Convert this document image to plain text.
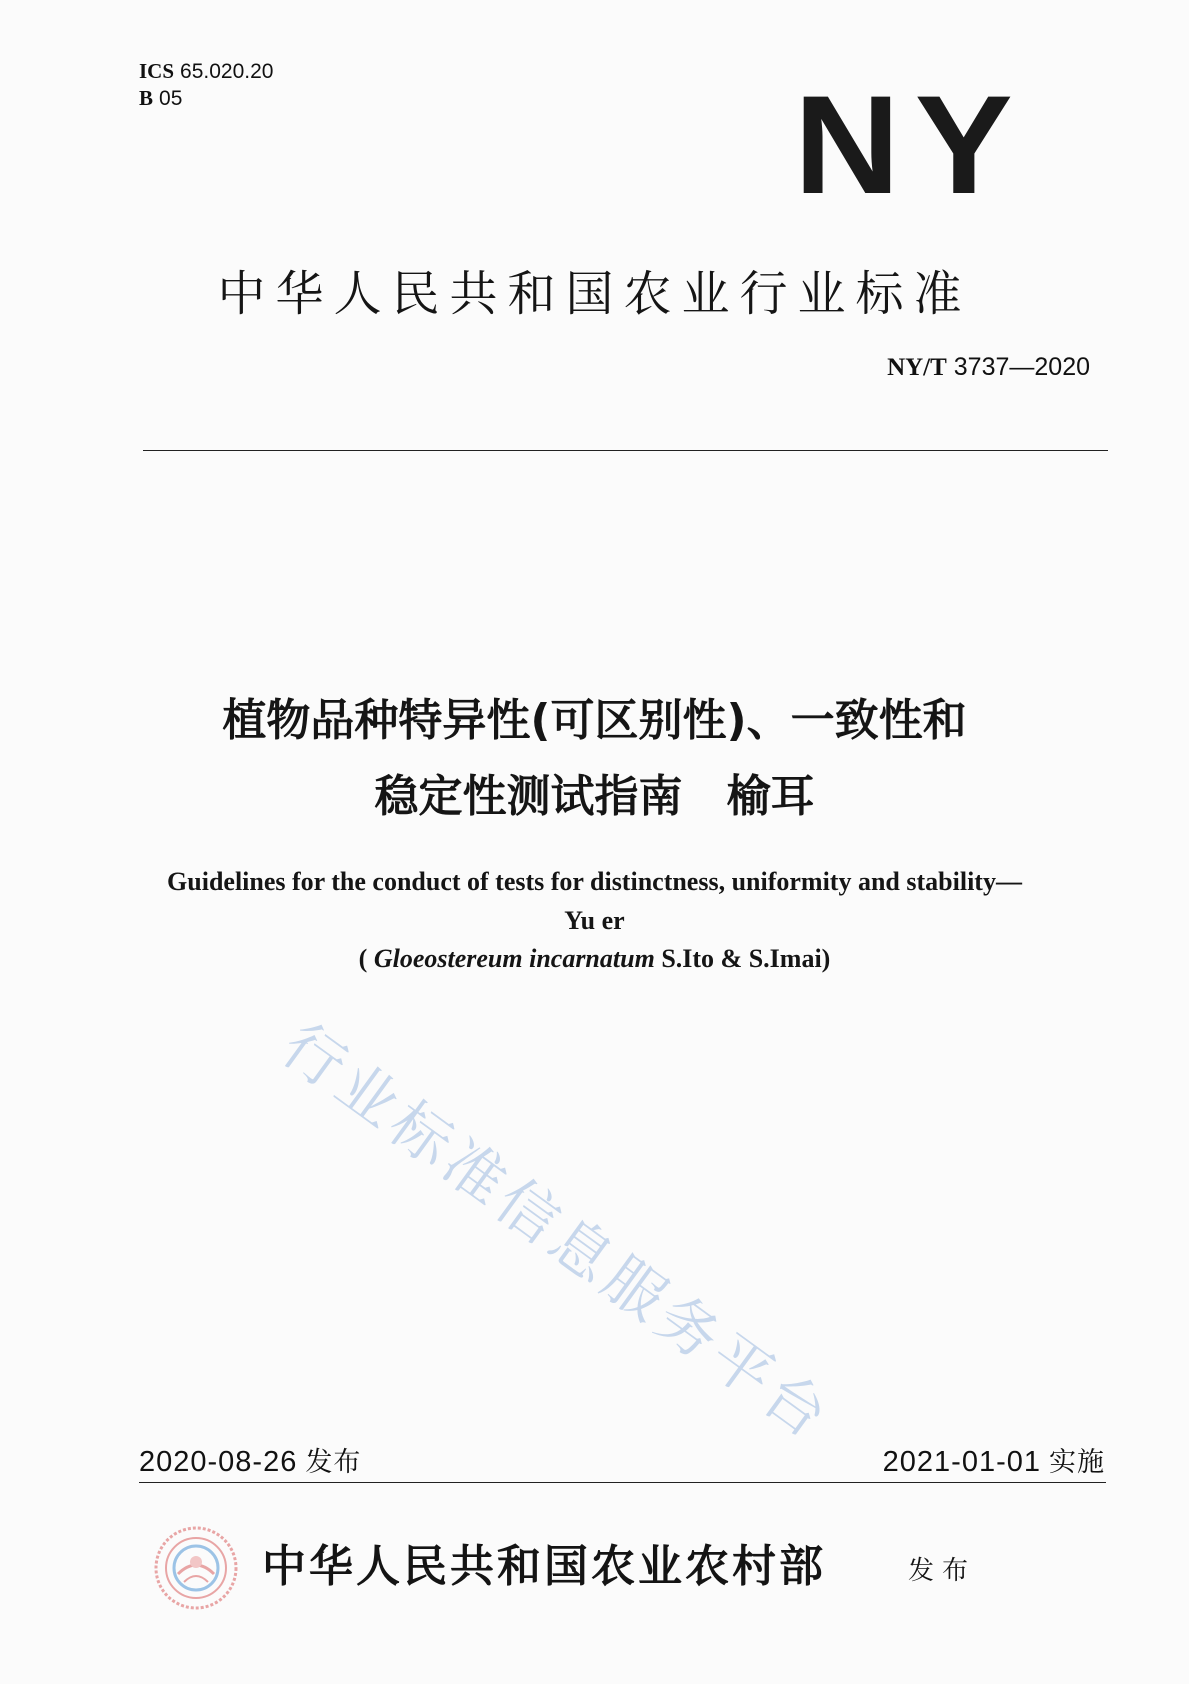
ICS 65.020.20
B 05	NY
中华人民共和国农业行业标准
NY/T 3737—2020
植物品种特异性(可区别性)、一致性和
稳定性测试指南　榆耳
Guidelines for the conduct of tests for distinctness, uniformity and stability—
Yu er
( Gloeostereum incarnatum S.Ito & S.Imai)
行业标准信息服务平台
2020-08-26 发布	2021-01-01 实施
中华人民共和国农业农村部	发布
